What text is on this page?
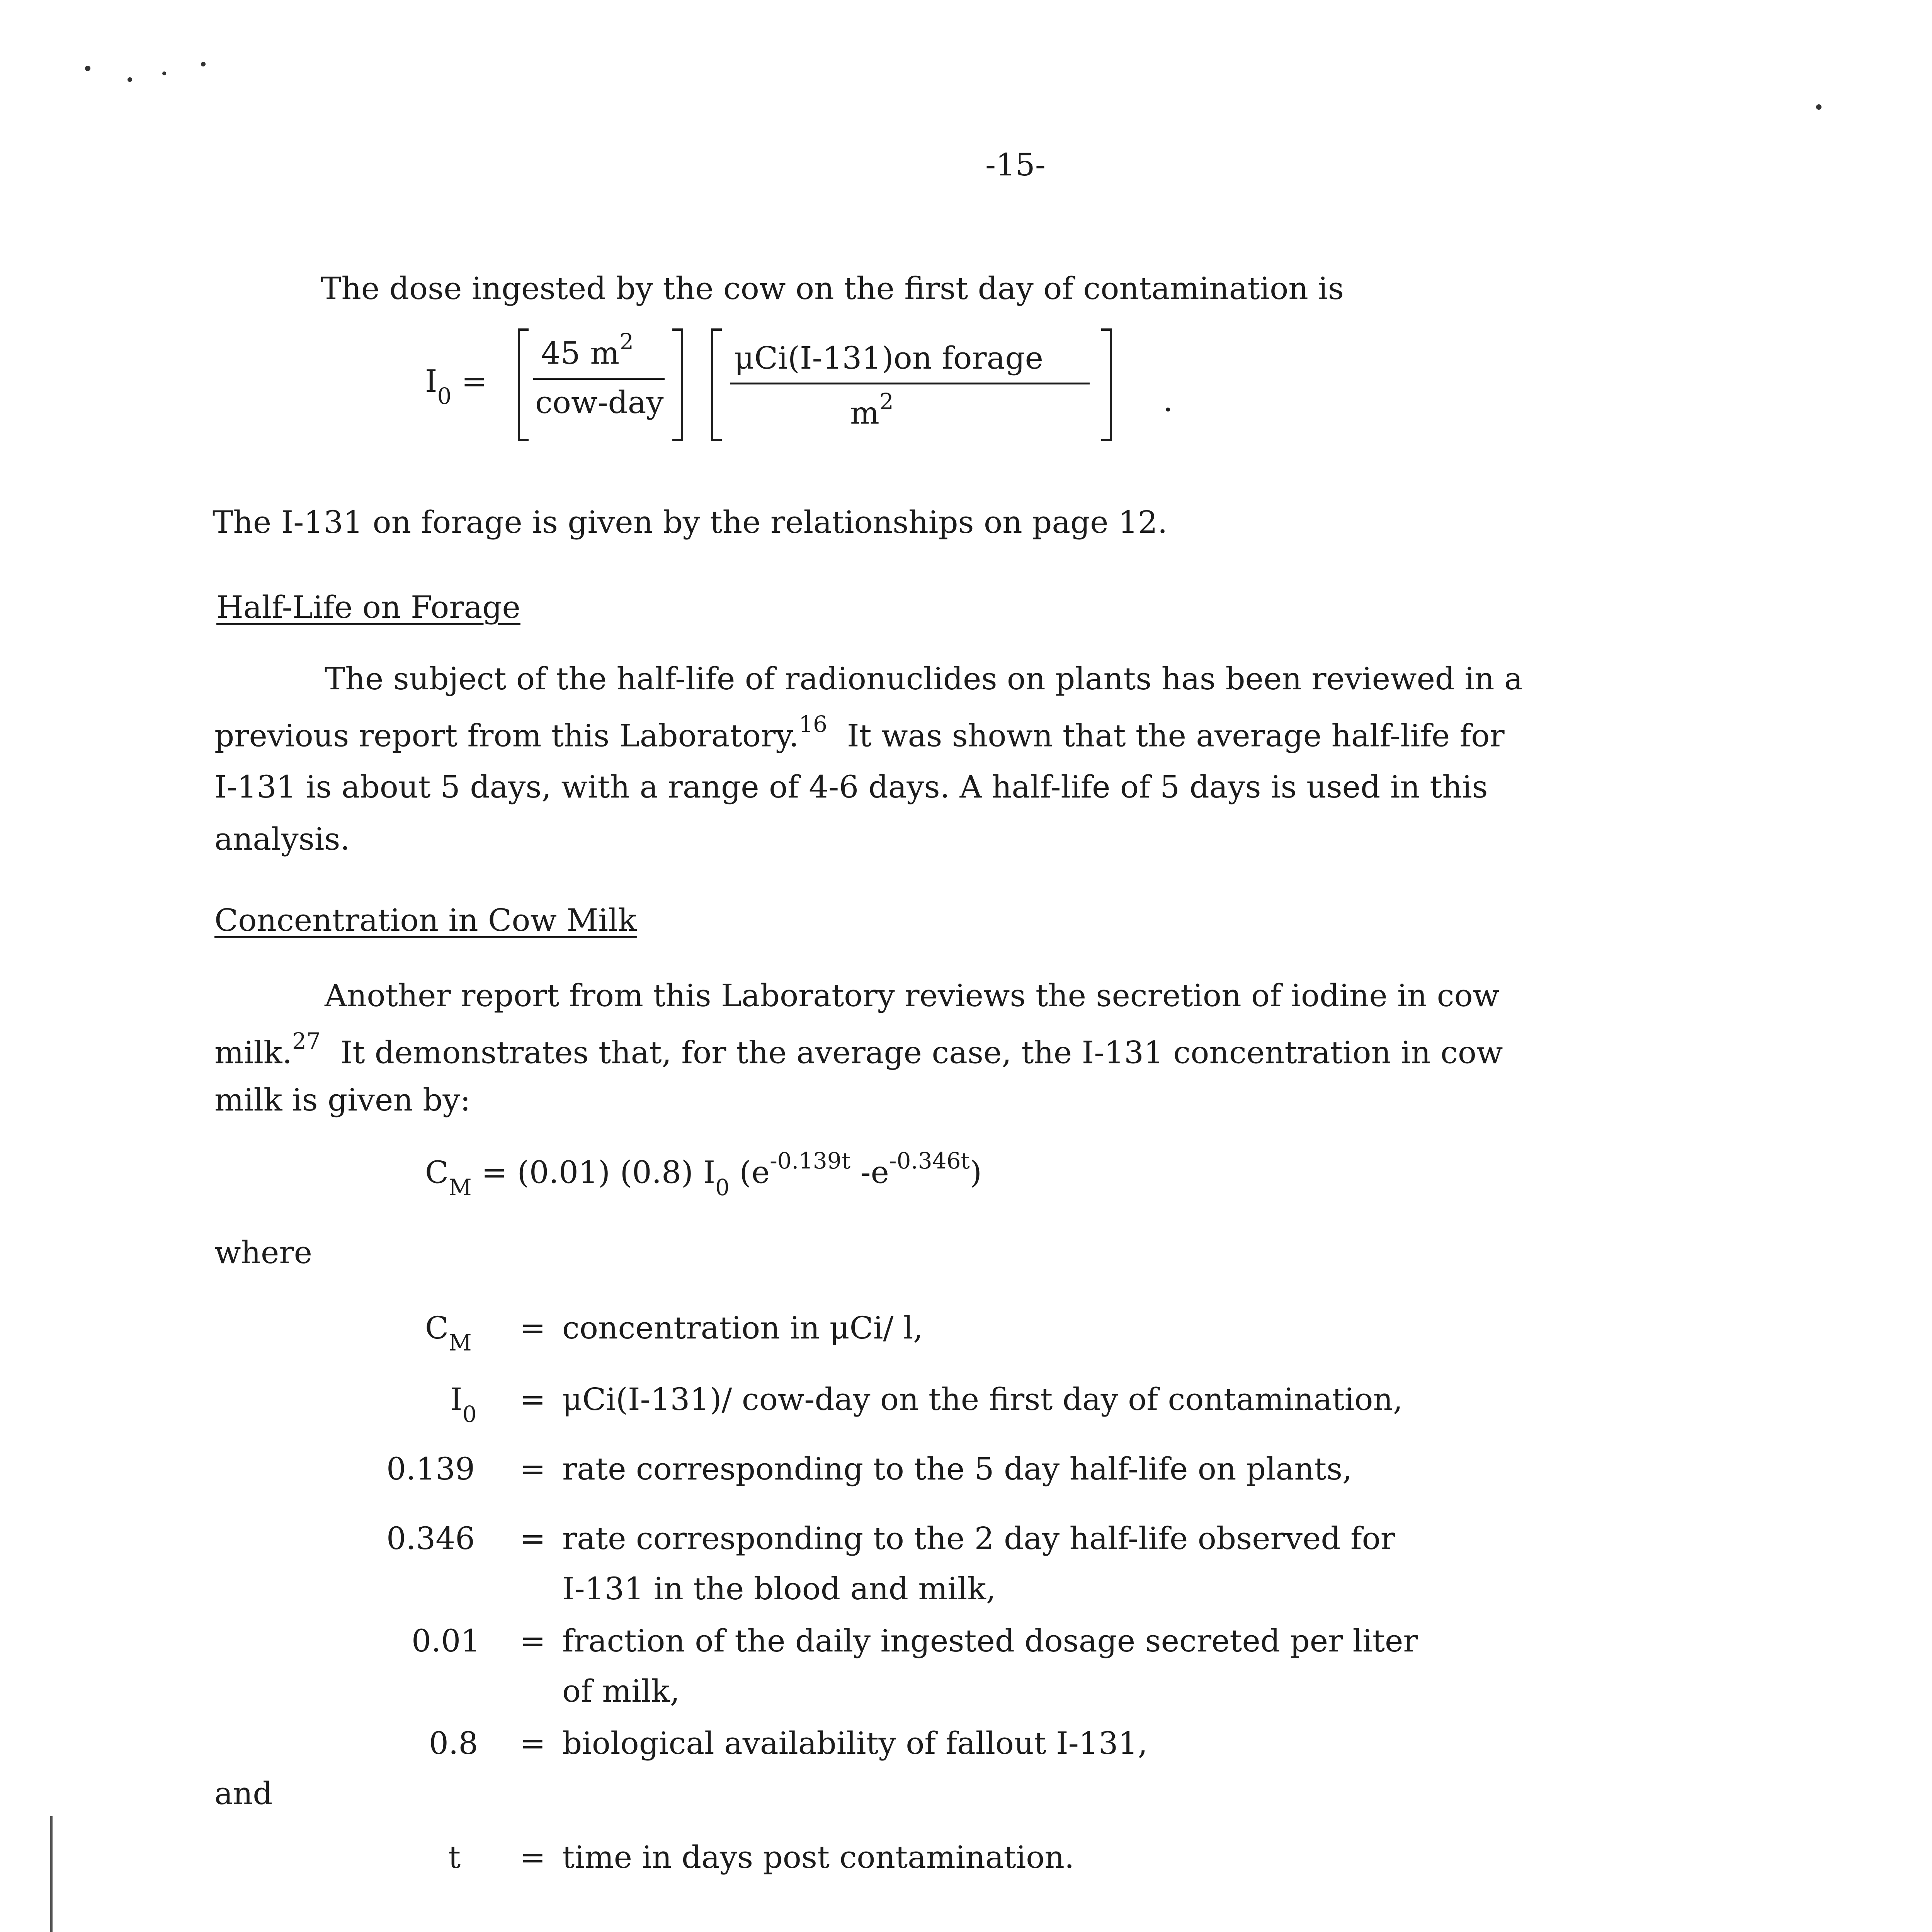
-15-
The dose ingested by the cow on the first day of contamination is
$I_0$ =
45 $m^2$
cow-day
μCi(I-131)on forage
$m^2$	.
The I-131 on forage is given by the relationships on page 12.
Half-Life on Forage
The subject of the half-life of radionuclides on plants has been reviewed in a
previous report from this Laboratory.$^{16}$ It was shown that the average half-life for
I-131 is about 5 days, with a range of 4-6 days. A half-life of 5 days is used in this
analysis.
Concentration in Cow Milk
Another report from this Laboratory reviews the secretion of iodine in cow
milk.$^{27}$ It demonstrates that, for the average case, the I-131 concentration in cow
milk is given by:
$C_M = (0.01)$ (0.8) $I_0$ ($e^{-0.139t}$ $-e^{-0.346t}$)
where
$C_M$ = concentration in μCi/ l,
$I_0 = \mu Ci(I-131)/$ cow-day on the first day of contamination,
0.139 = rate corresponding to the 5 day half-life on plants,
0.346 = rate corresponding to the 2 day half-life observed for
I-131 in the blood and milk,
0.01 = fraction of the daily ingested dosage secreted per liter
of milk,
0.8 = biological availability of fallout I-131,
and
t = time in days post contamination.
